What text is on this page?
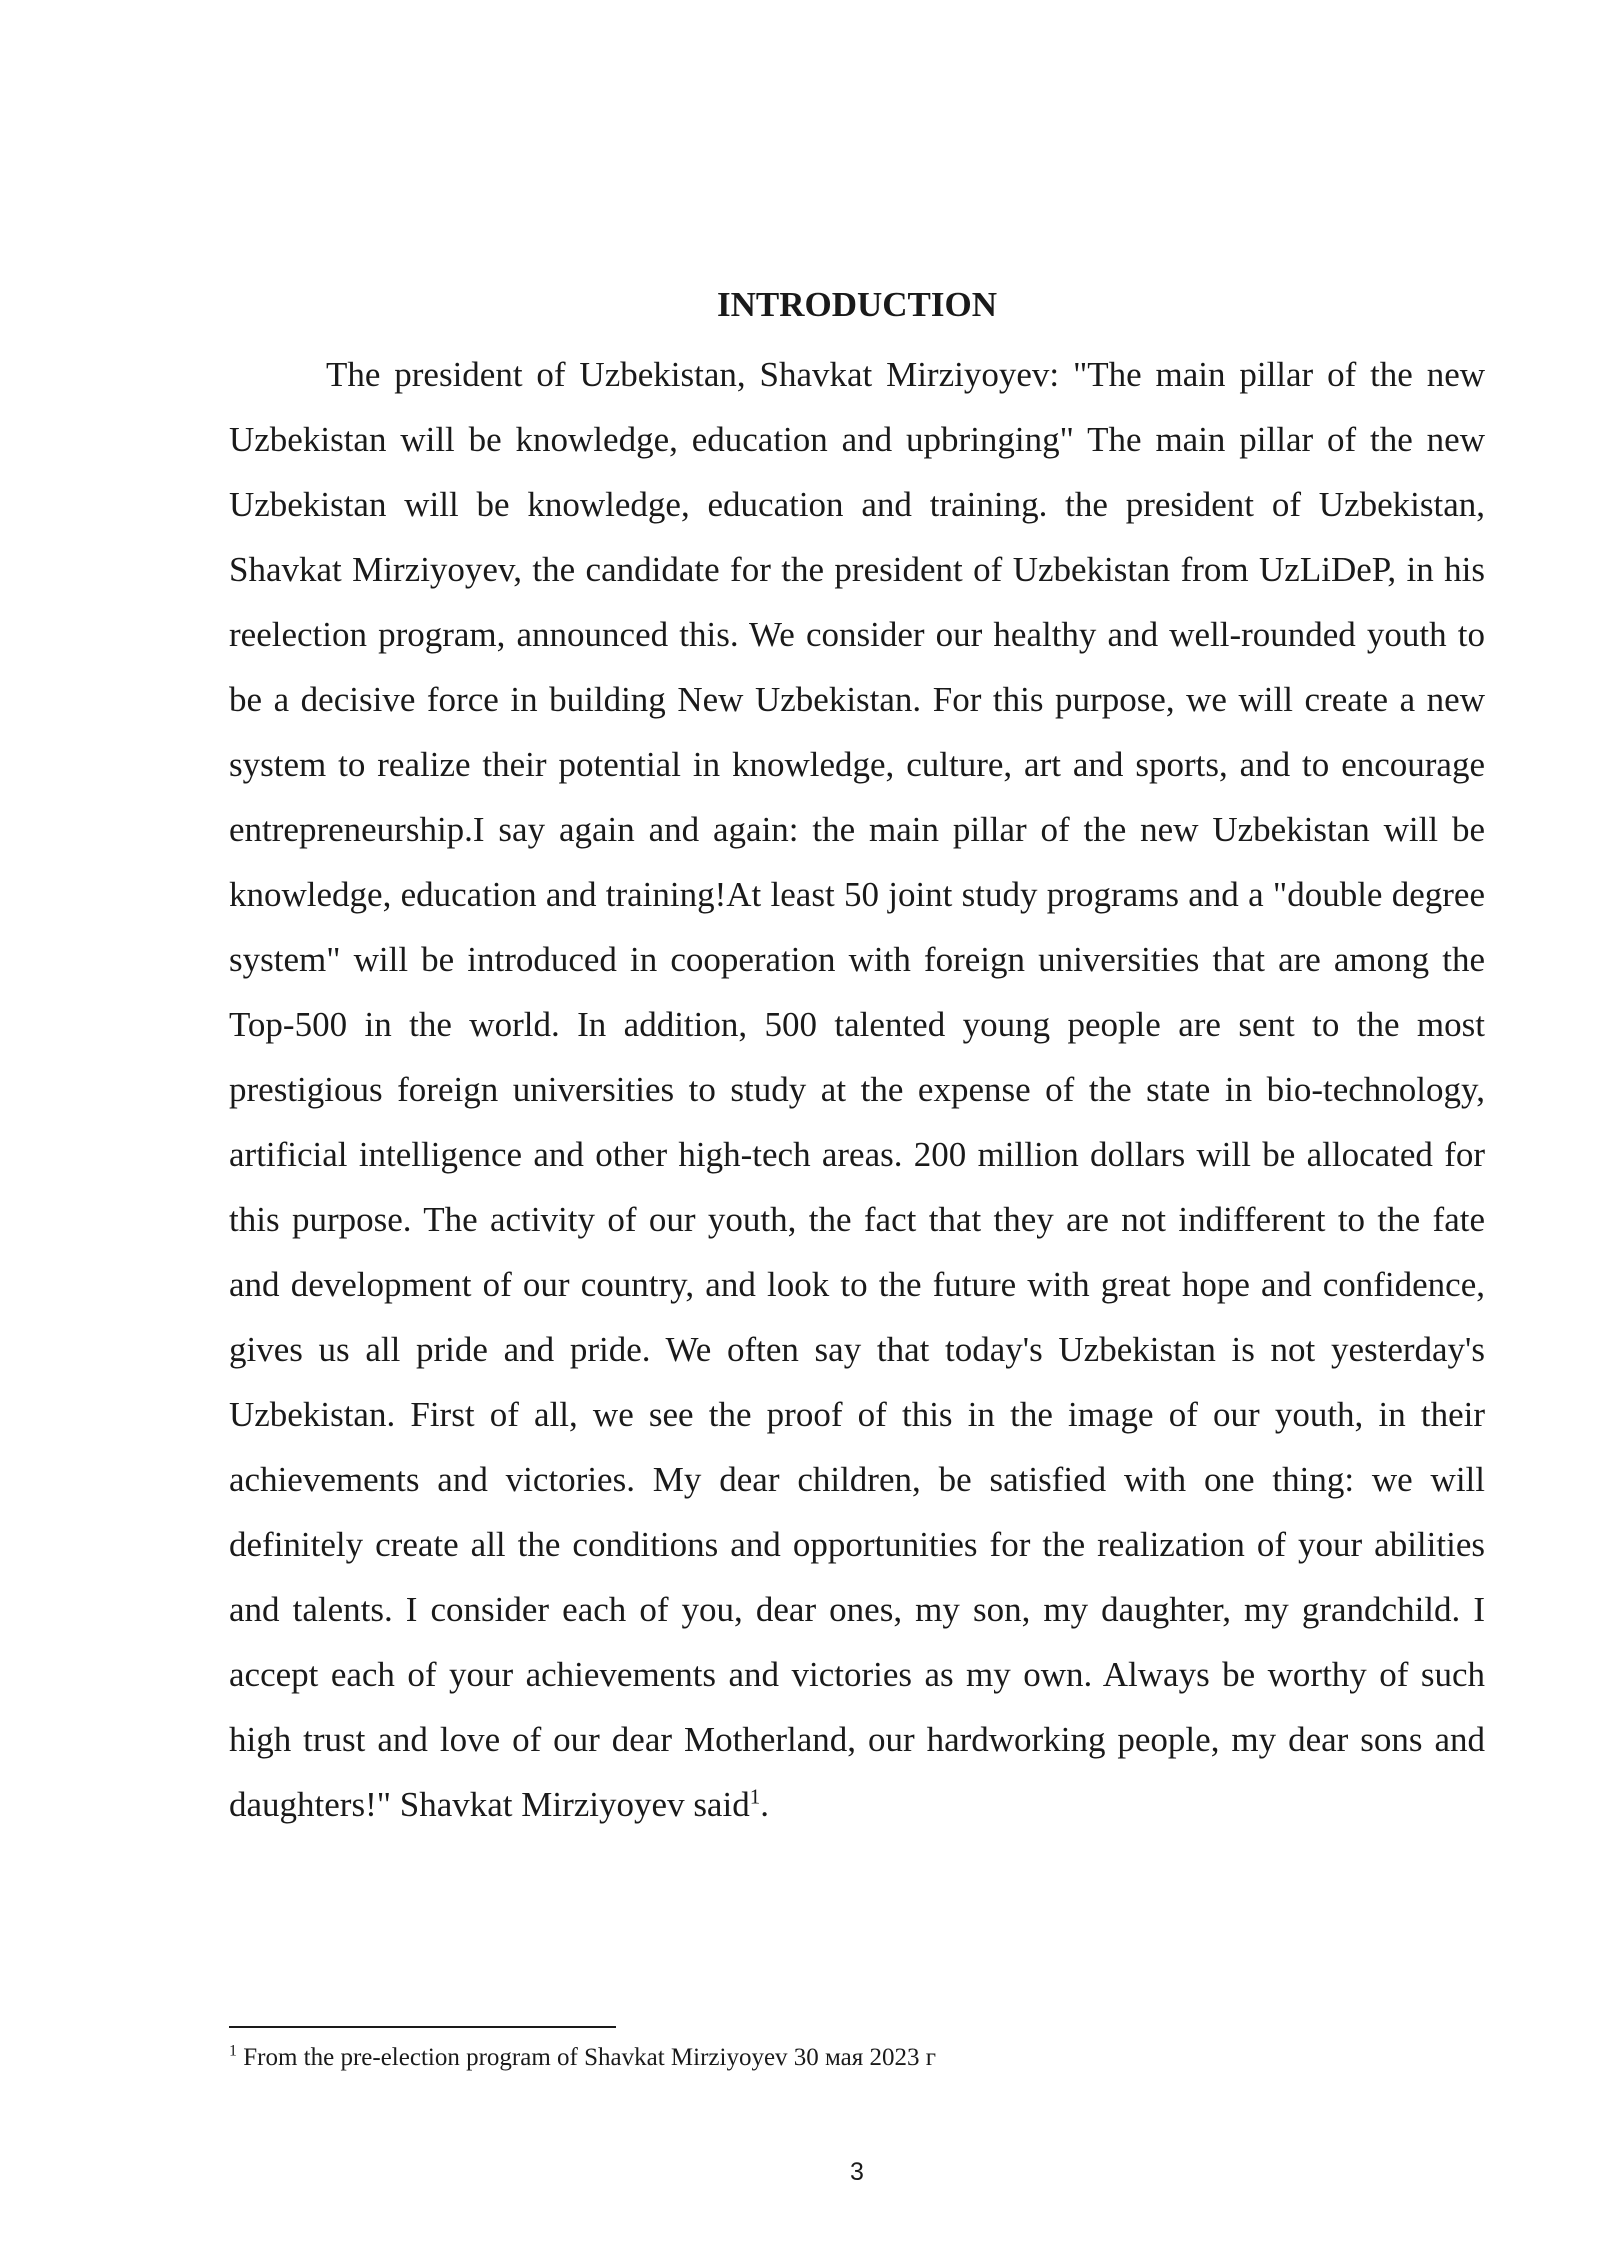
INTRODUCTION

The president of Uzbekistan, Shavkat Mirziyoyev: "The main pillar of the new Uzbekistan will be knowledge, education and upbringing" The main pillar of the new Uzbekistan will be knowledge, education and training. the president of Uzbekistan, Shavkat Mirziyoyev, the candidate for the president of Uzbekistan from UzLiDeP, in his reelection program, announced this. We consider our healthy and well-rounded youth to be a decisive force in building New Uzbekistan. For this purpose, we will create a new system to realize their potential in knowledge, culture, art and sports, and to encourage entrepreneurship.I say again and again: the main pillar of the new Uzbekistan will be knowledge, education and training!At least 50 joint study programs and a "double degree system" will be introduced in cooperation with foreign universities that are among the Top-500 in the world. In addition, 500 talented young people are sent to the most prestigious foreign universities to study at the expense of the state in bio-technology, artificial intelligence and other high-tech areas. 200 million dollars will be allocated for this purpose. The activity of our youth, the fact that they are not indifferent to the fate and development of our country, and look to the future with great hope and confidence, gives us all pride and pride. We often say that today's Uzbekistan is not yesterday's Uzbekistan. First of all, we see the proof of this in the image of our youth, in their achievements and victories. My dear children, be satisfied with one thing: we will definitely create all the conditions and opportunities for the realization of your abilities and talents. I consider each of you, dear ones, my son, my daughter, my grandchild. I accept each of your achievements and victories as my own. Always be worthy of such high trust and love of our dear Motherland, our hardworking people, my dear sons and daughters!" Shavkat Mirziyoyev said$^1$.

$^1$ From the pre-election program of Shavkat Mirziyoyev 30 мая 2023 г

3
